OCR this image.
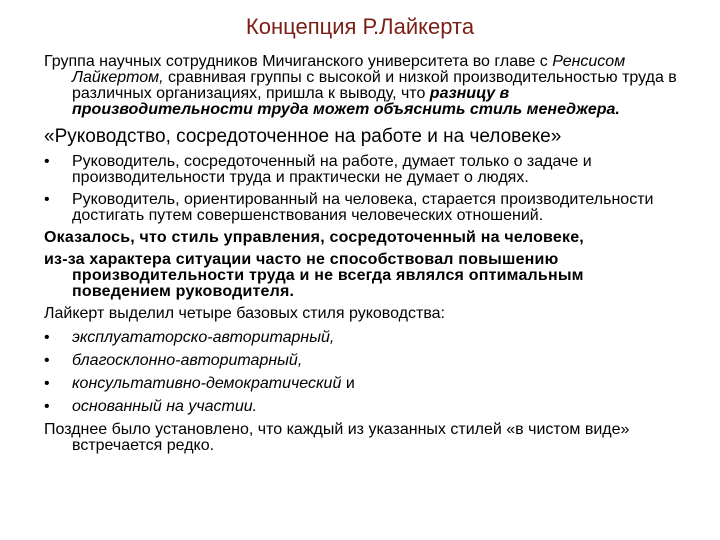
Концепция Р.Лайкерта

Группа научных сотрудников Мичиганского университета во главе с Ренсисом Лайкертом, сравнивая группы с высокой и низкой производительностью труда в различных организациях, пришла к выводу, что разницу в производительности труда может объяснить стиль менеджера.

«Руководство, сосредоточенное на работе и на человеке»

• Руководитель, сосредоточенный на работе, думает только о задаче и производительности труда и практически не думает о людях.
• Руководитель, ориентированный на человека, старается производительности достигать путем совершенствования человеческих отношений.

Оказалось, что стиль управления, сосредоточенный на человеке,

из-за характера ситуации часто не способствовал повышению производительности труда и не всегда являлся оптимальным поведением руководителя.

Лайкерт выделил четыре базовых стиля руководства:

• эксплуататорско-авторитарный,
• благосклонно-авторитарный,
• консультативно-демократический и
• основанный на участии.

Позднее было установлено, что каждый из указанных стилей «в чистом виде» встречается редко.
